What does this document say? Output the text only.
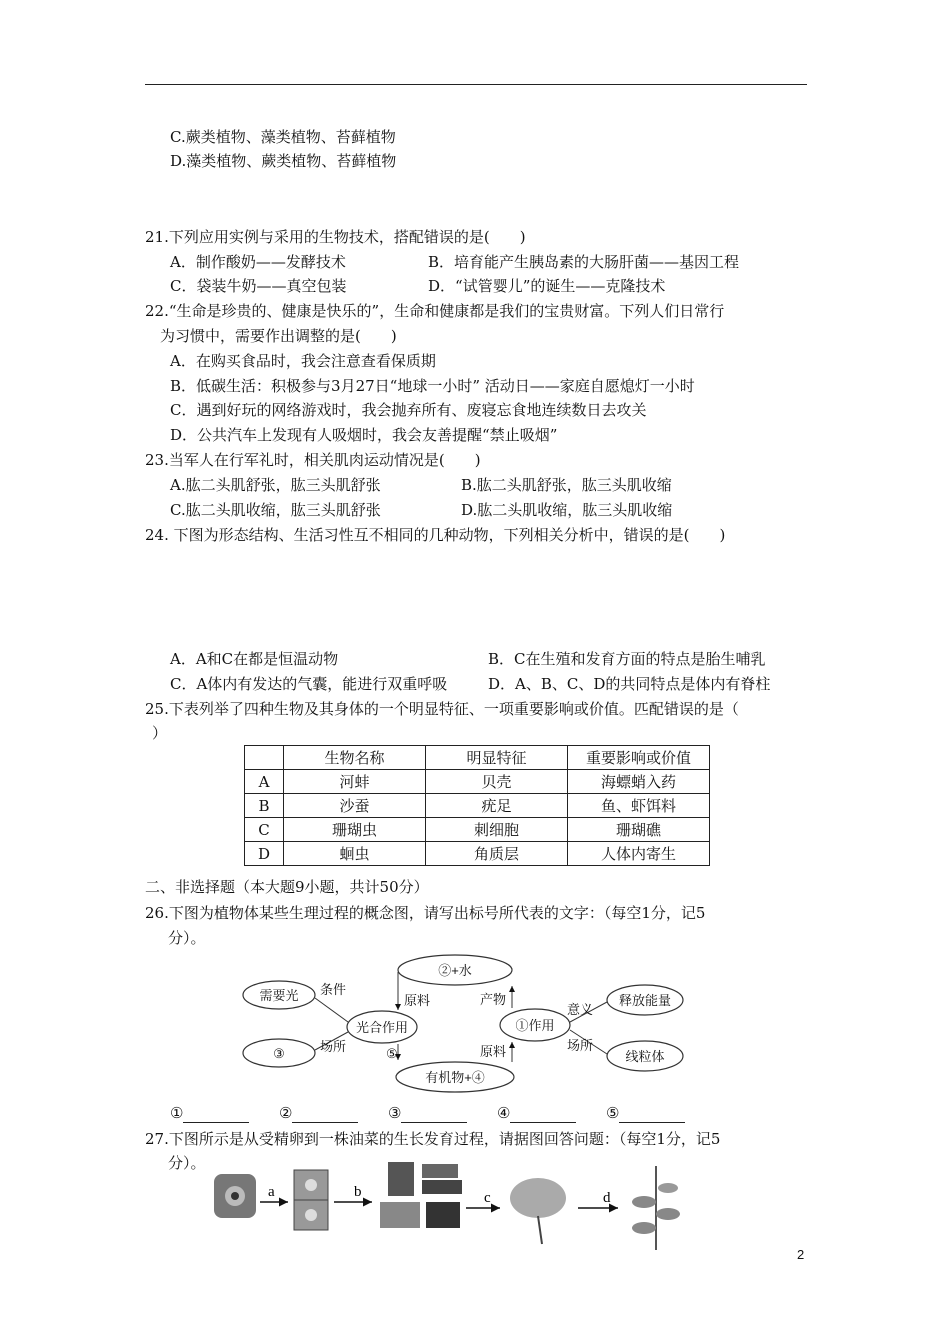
C.蕨类植物、藻类植物、苔藓植物
D.藻类植物、蕨类植物、苔藓植物
21.下列应用实例与采用的生物技术，搭配错误的是(　　)
A．制作酸奶——发酵技术	B．培育能产生胰岛素的大肠肝菌——基因工程
C．袋装牛奶——真空包装	D．“试管婴儿”的诞生——克隆技术
22.“生命是珍贵的、健康是快乐的”，生命和健康都是我们的宝贵财富。下列人们日常行
为习惯中，需要作出调整的是(　　)
A．在购买食品时，我会注意查看保质期
B．低碳生活：积极参与3月27日“地球一小时” 活动日——家庭自愿熄灯一小时
C．遇到好玩的网络游戏时，我会抛弃所有、废寝忘食地连续数日去攻关
D．公共汽车上发现有人吸烟时，我会友善提醒“禁止吸烟”
23.当军人在行军礼时，相关肌肉运动情况是(　　)
A.肱二头肌舒张，肱三头肌舒张	B.肱二头肌舒张，肱三头肌收缩
C.肱二头肌收缩，肱三头肌舒张	D.肱二头肌收缩，肱三头肌收缩
24. 下图为形态结构、生活习性互不相同的几种动物，下列相关分析中，错误的是(　　)
A．A和C在都是恒温动物	B．C在生殖和发育方面的特点是胎生哺乳
C．A体内有发达的气囊，能进行双重呼吸	D．A、B、C、D的共同特点是体内有脊柱
25.下表列举了四种生物及其身体的一个明显特征、一项重要影响或价值。匹配错误的是（
）
	生物名称	明显特征	重要影响或价值
A	河蚌	贝壳	海螵蛸入药
B	沙蚕	疣足	鱼、虾饵料
C	珊瑚虫	刺细胞	珊瑚礁
D	蛔虫	角质层	人体内寄生
二、非选择题（本大题9小题，共计50分）
26.下图为植物体某些生理过程的概念图，请写出标号所代表的文字：（每空1分，记5
分）。
②+水
有机物+④
光合作用	①作用
需要光
③
释放能量
线粒体
条件
场所
原料
⑤
产物
原料
意义
场所
①	②	③	④	⑤
27.下图所示是从受精卵到一株油菜的生长发育过程，请据图回答问题：（每空1分，记5
分）。
a	b	c	d
2
